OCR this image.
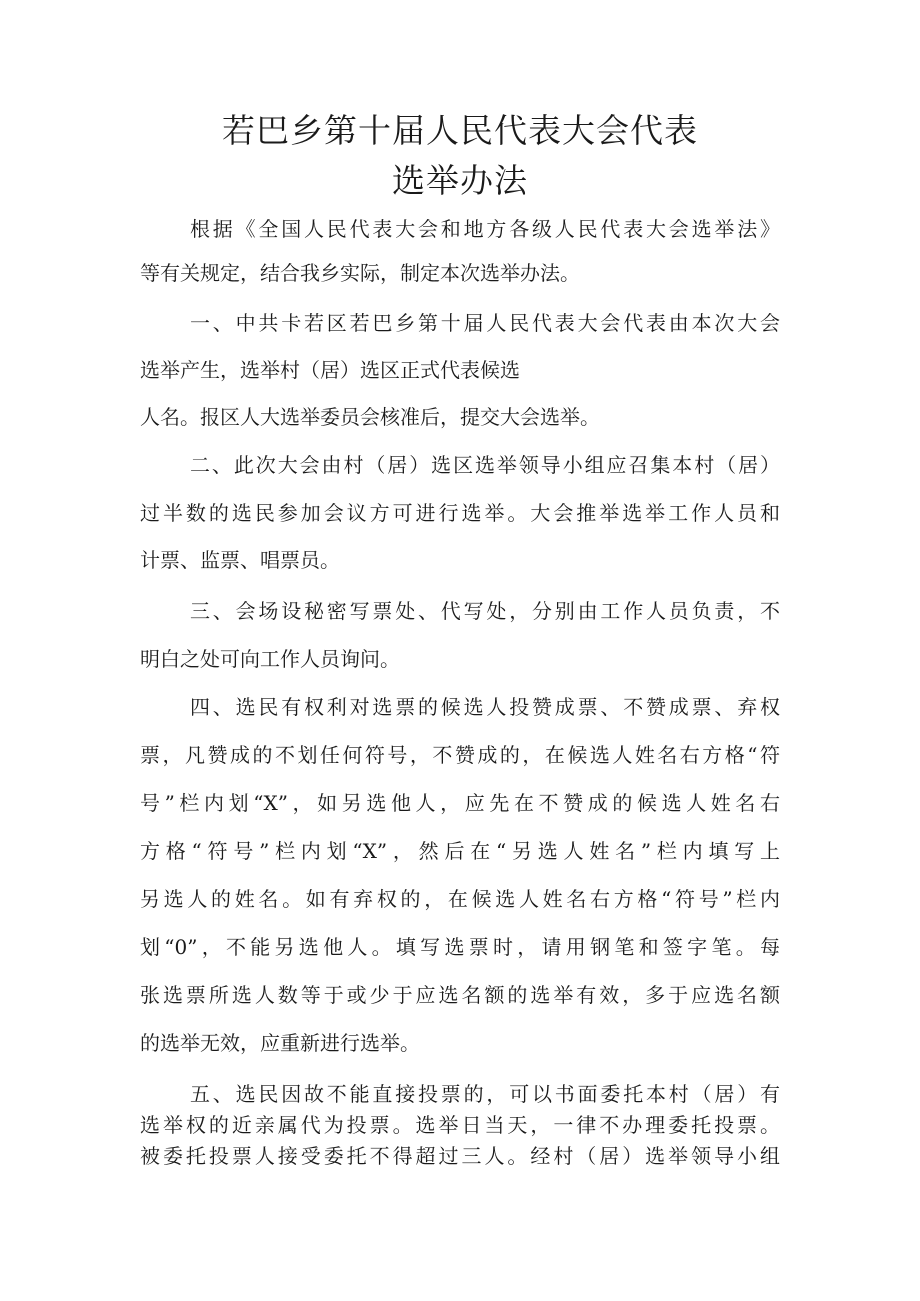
若巴乡第十届人民代表大会代表
选举办法
根据《全国人民代表大会和地方各级人民代表大会选举法》
等有关规定，结合我乡实际，制定本次选举办法。
一、中共卡若区若巴乡第十届人民代表大会代表由本次大会
选举产生，选举村（居）选区正式代表候选
人名。报区人大选举委员会核准后，提交大会选举。
二、此次大会由村（居）选区选举领导小组应召集本村（居）
过半数的选民参加会议方可进行选举。大会推举选举工作人员和
计票、监票、唱票员。
三、会场设秘密写票处、代写处，分别由工作人员负责，不
明白之处可向工作人员询问。
四、选民有权利对选票的候选人投赞成票、不赞成票、弃权
票，凡赞成的不划任何符号，不赞成的，在候选人姓名右方格“符
号”栏内划“X”，如另选他人，应先在不赞成的候选人姓名右
方格“符号”栏内划“X”，然后在“另选人姓名”栏内填写上
另选人的姓名。如有弃权的，在候选人姓名右方格“符号”栏内
划“0”，不能另选他人。填写选票时，请用钢笔和签字笔。每
张选票所选人数等于或少于应选名额的选举有效，多于应选名额
的选举无效，应重新进行选举。
五、选民因故不能直接投票的，可以书面委托本村（居）有
选举权的近亲属代为投票。选举日当天，一律不办理委托投票。
被委托投票人接受委托不得超过三人。经村（居）选举领导小组
